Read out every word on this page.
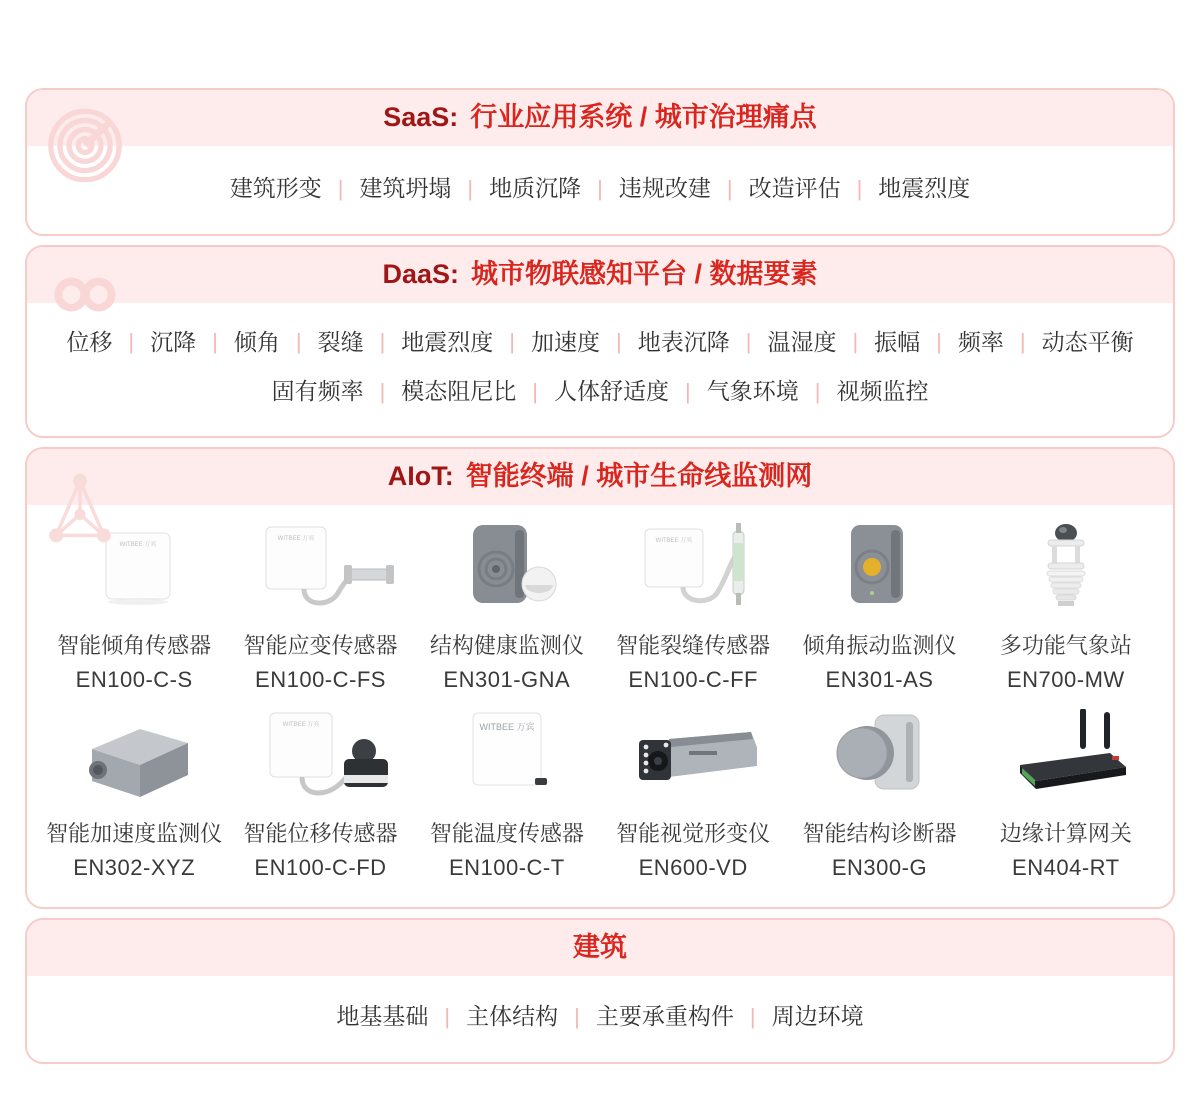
SaaS: 行业应用系统 / 城市治理痛点
建筑形变 | 建筑坍塌 | 地质沉降 | 违规改建 | 改造评估 | 地震烈度
DaaS: 城市物联感知平台 / 数据要素
位移 | 沉降 | 倾角 | 裂缝 | 地震烈度 | 加速度 | 地表沉降 | 温湿度 | 振幅 | 频率 | 动态平衡
固有频率 | 模态阻尼比 | 人体舒适度 | 气象环境 | 视频监控
AIoT: 智能终端 / 城市生命线监测网
WITBEE 万宾
智能倾角传感器
EN100-C-S
WITBEE 万宾
智能应变传感器
EN100-C-FS
结构健康监测仪
EN301-GNA
WITBEE 万宾
智能裂缝传感器
EN100-C-FF
倾角振动监测仪
EN301-AS
多功能气象站
EN700-MW
智能加速度监测仪
EN302-XYZ
WITBEE 万宾
智能位移传感器
EN100-C-FD
WITBEE 万宾
智能温度传感器
EN100-C-T
智能视觉形变仪
EN600-VD
智能结构诊断器
EN300-G
边缘计算网关
EN404-RT
建筑
地基基础 | 主体结构 | 主要承重构件 | 周边环境
